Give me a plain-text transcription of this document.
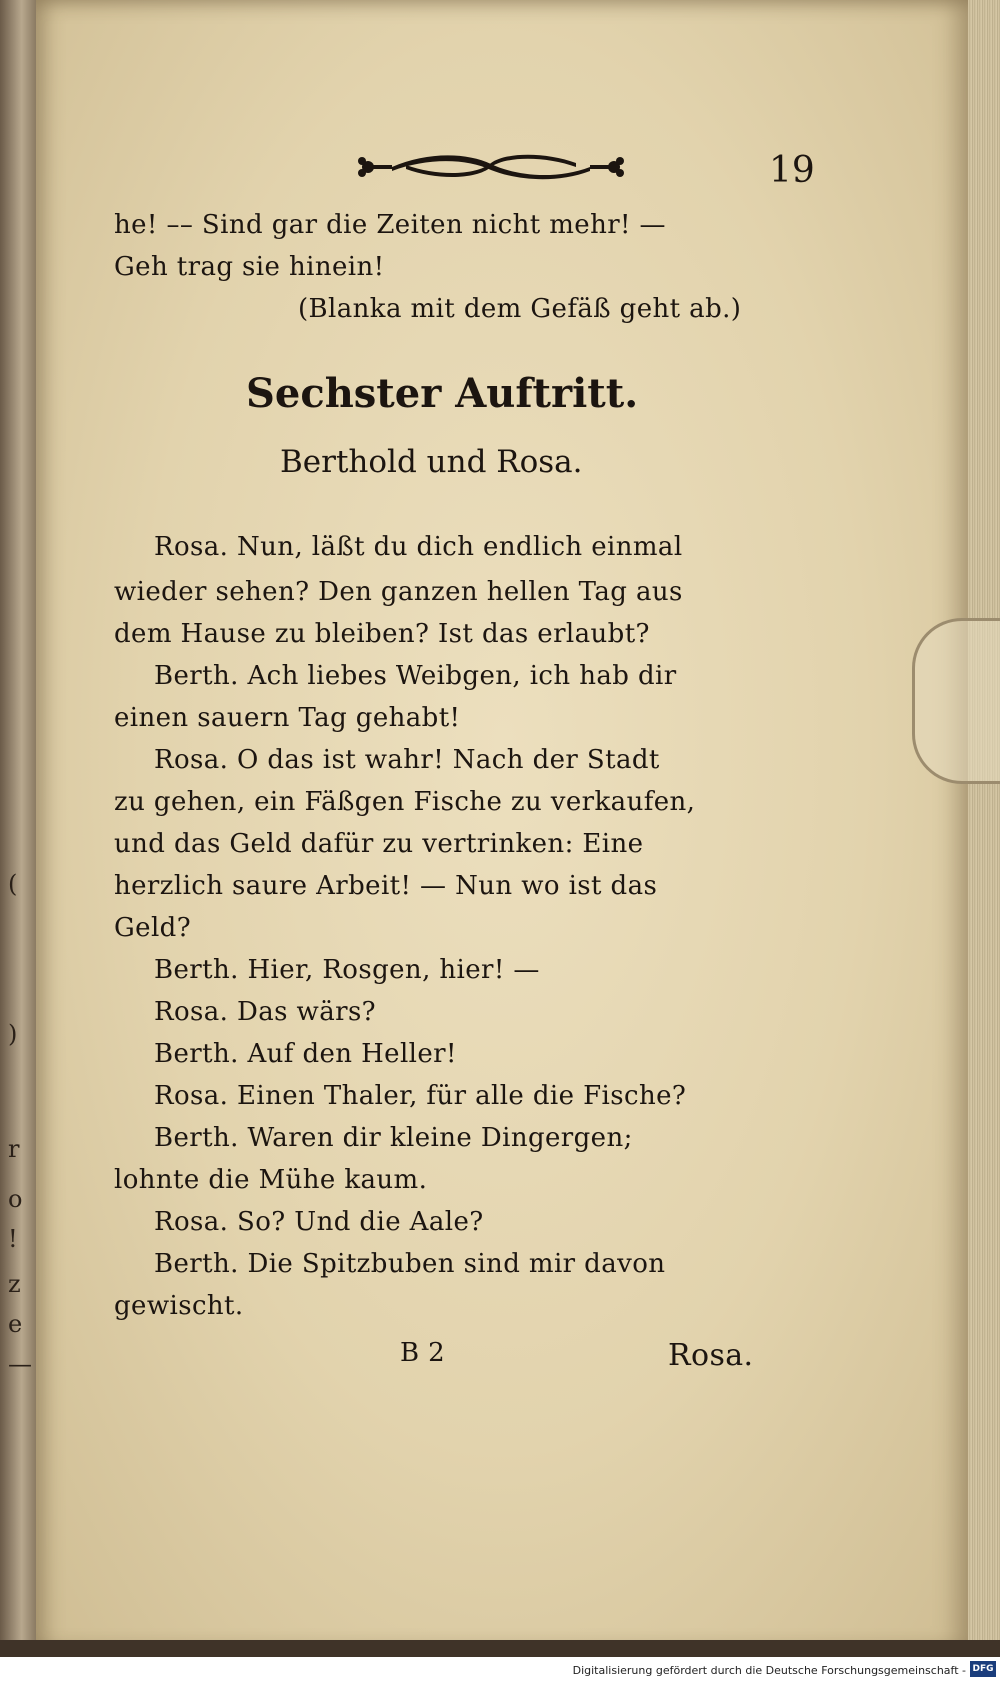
(
)
r
o
!
z
e
—
19
he! –– Sind gar die Zeiten nicht mehr! —
Geh trag sie hinein!
(Blanka mit dem Gefäß geht ab.)
Sechster Auftritt.
Berthold und Rosa.
Rosa. Nun, läßt du dich endlich einmal
wieder sehen? Den ganzen hellen Tag aus
dem Hause zu bleiben? Ist das erlaubt?
Berth. Ach liebes Weibgen, ich hab dir
einen sauern Tag gehabt!
Rosa. O das ist wahr! Nach der Stadt
zu gehen, ein Fäßgen Fische zu verkaufen,
und das Geld dafür zu vertrinken: Eine
herzlich saure Arbeit! — Nun wo ist das
Geld?
Berth. Hier, Rosgen, hier! —
Rosa. Das wärs?
Berth. Auf den Heller!
Rosa. Einen Thaler, für alle die Fische?
Berth. Waren dir kleine Dingergen;
lohnte die Mühe kaum.
Rosa. So? Und die Aale?
Berth. Die Spitzbuben sind mir davon
gewischt.
B 2	Rosa.
Digitalisierung gefördert durch die Deutsche Forschungsgemeinschaft - DFG
